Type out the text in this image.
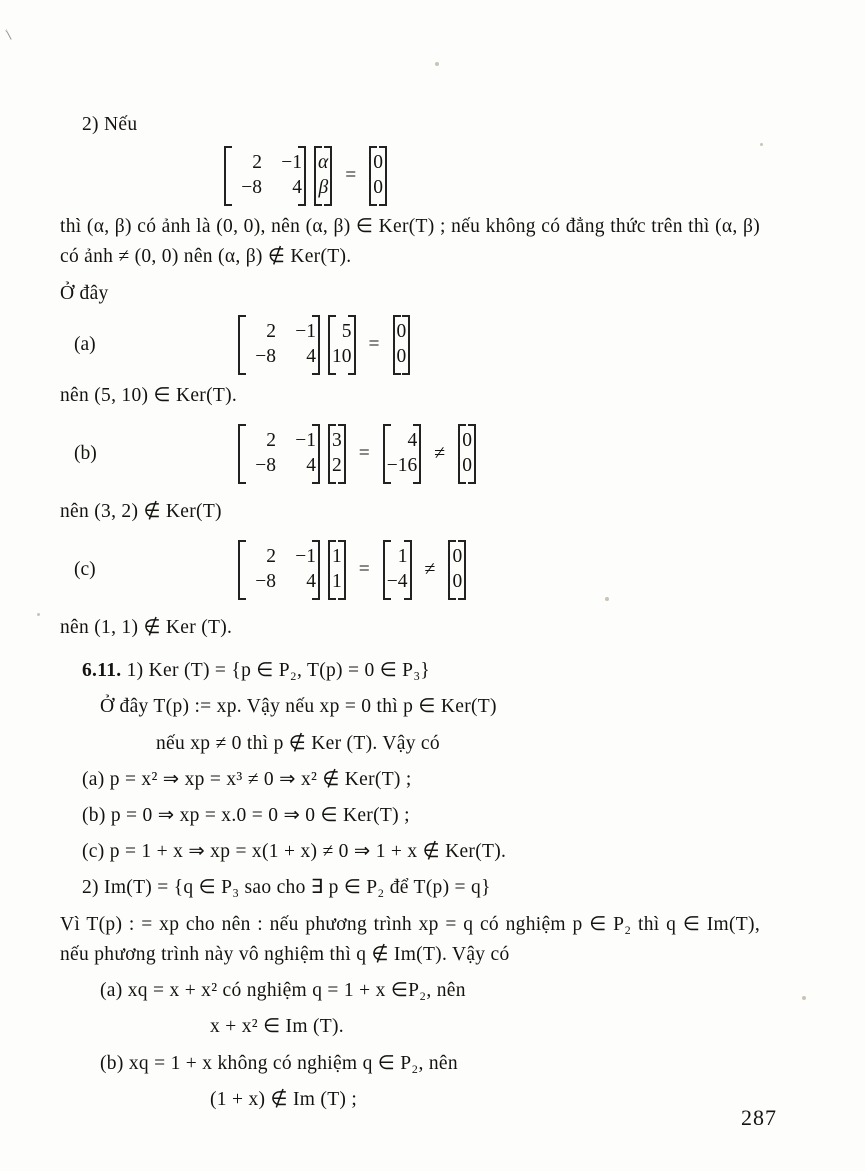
أ
2) Nếu
2 −1
−8 4
α
β
=
0
0
thì (α, β) có ảnh là (0, 0), nên (α, β) ∈ Ker(T) ; nếu không có đẳng thức trên thì (α, β) có ảnh ≠ (0, 0) nên (α, β) ∉ Ker(T).
Ở đây
(a)
2 −1
−8 4
5
10
=
0
0
nên (5, 10) ∈ Ker(T).
(b)
2 −1
−8 4
3
2
=
4
−16
≠
0
0
nên (3, 2) ∉ Ker(T)
(c)
2 −1
−8 4
1
1
=
1
−4
≠
0
0
nên (1, 1) ∉ Ker (T).
6.11. 1) Ker (T) = {p ∈ P₂, T(p) = 0 ∈ P₃}
Ở đây T(p) := xp. Vậy nếu xp = 0 thì p ∈ Ker(T)
nếu xp ≠ 0 thì p ∉ Ker (T). Vậy có
(a) p = x² ⇒ xp = x³ ≠ 0 ⇒ x² ∉ Ker(T) ;
(b) p = 0 ⇒ xp = x.0 = 0 ⇒ 0 ∈ Ker(T) ;
(c) p = 1 + x ⇒ xp = x(1 + x) ≠ 0 ⇒ 1 + x ∉ Ker(T).
2) Im(T) = {q ∈ P₃ sao cho ∃ p ∈ P₂ để T(p) = q}
Vì T(p) : = xp cho nên : nếu phương trình xp = q có nghiệm p ∈ P₂ thì q ∈ Im(T), nếu phương trình này vô nghiệm thì q ∉ Im(T). Vậy có
(a) xq = x + x² có nghiệm q = 1 + x ∈P₂, nên
x + x² ∈ Im (T).
(b) xq = 1 + x không có nghiệm q ∈ P₂, nên
(1 + x) ∉ Im (T) ;
287
